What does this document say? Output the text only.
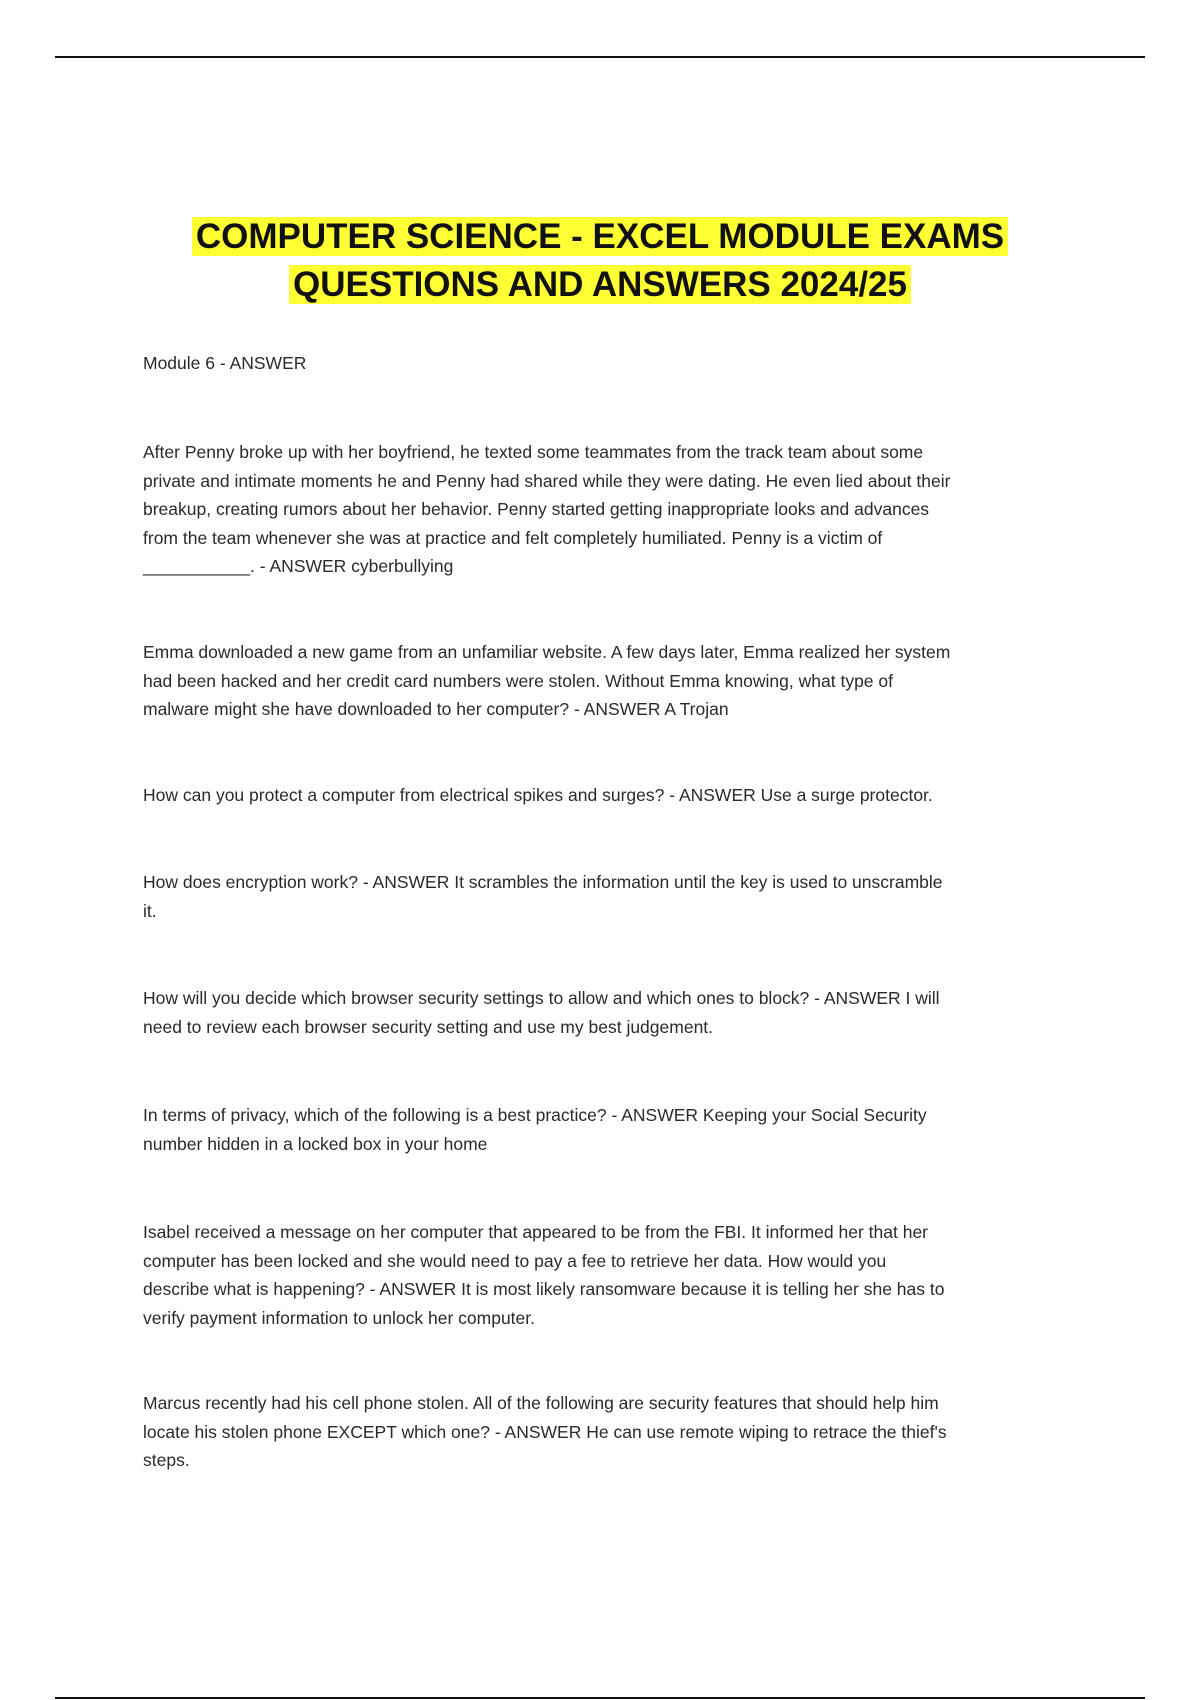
COMPUTER SCIENCE - EXCEL MODULE EXAMS
QUESTIONS AND ANSWERS 2024/25
Module 6 - ANSWER
After Penny broke up with her boyfriend, he texted some teammates from the track team about some
private and intimate moments he and Penny had shared while they were dating. He even lied about their
breakup, creating rumors about her behavior. Penny started getting inappropriate looks and advances
from the team whenever she was at practice and felt completely humiliated. Penny is a victim of
___________. - ANSWER cyberbullying
Emma downloaded a new game from an unfamiliar website. A few days later, Emma realized her system
had been hacked and her credit card numbers were stolen. Without Emma knowing, what type of
malware might she have downloaded to her computer? - ANSWER A Trojan
How can you protect a computer from electrical spikes and surges? - ANSWER Use a surge protector.
How does encryption work? - ANSWER It scrambles the information until the key is used to unscramble
it.
How will you decide which browser security settings to allow and which ones to block? - ANSWER I will
need to review each browser security setting and use my best judgement.
In terms of privacy, which of the following is a best practice? - ANSWER Keeping your Social Security
number hidden in a locked box in your home
Isabel received a message on her computer that appeared to be from the FBI. It informed her that her
computer has been locked and she would need to pay a fee to retrieve her data. How would you
describe what is happening? - ANSWER It is most likely ransomware because it is telling her she has to
verify payment information to unlock her computer.
Marcus recently had his cell phone stolen. All of the following are security features that should help him
locate his stolen phone EXCEPT which one? - ANSWER He can use remote wiping to retrace the thief's
steps.
